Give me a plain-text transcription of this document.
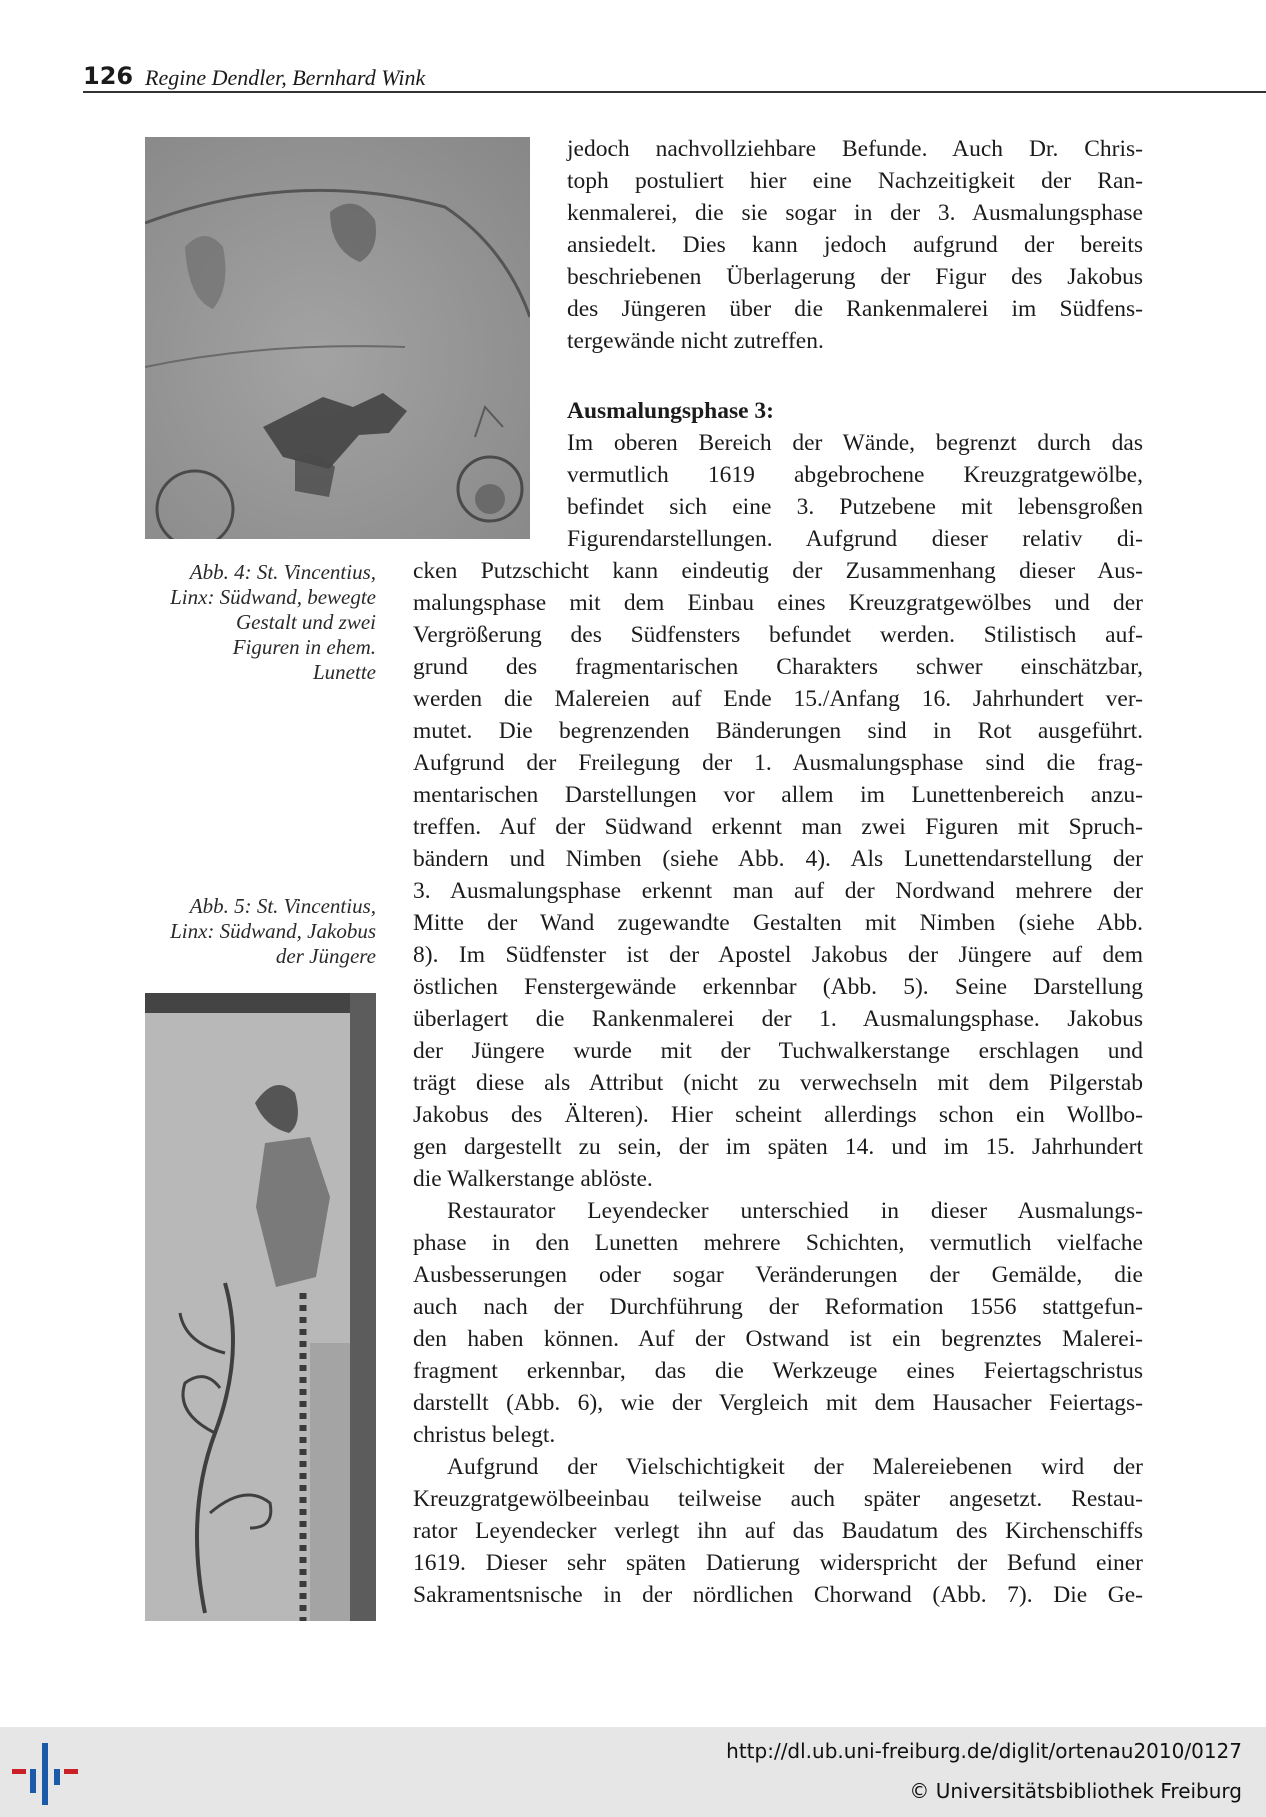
126 Regine Dendler, Bernhard Wink
Abb. 4: St. Vincentius,
Linx: Südwand, bewegte
Gestalt und zwei
Figuren in ehem.
Lunette
Abb. 5: St. Vincentius,
Linx: Südwand, Jakobus
der Jüngere
jedoch nachvollziehbare Befunde. Auch Dr. Chris-
toph postuliert hier eine Nachzeitigkeit der Ran-
kenmalerei, die sie sogar in der 3. Ausmalungsphase
ansiedelt. Dies kann jedoch aufgrund der bereits
beschriebenen Überlagerung der Figur des Jakobus
des Jüngeren über die Rankenmalerei im Südfens-
tergewände nicht zutreffen.
Ausmalungsphase 3:
Im oberen Bereich der Wände, begrenzt durch das
vermutlich 1619 abgebrochene Kreuzgratgewölbe,
befindet sich eine 3. Putzebene mit lebensgroßen
Figurendarstellungen. Aufgrund dieser relativ di-
cken Putzschicht kann eindeutig der Zusammenhang dieser Aus-
malungsphase mit dem Einbau eines Kreuzgratgewölbes und der
Vergrößerung des Südfensters befundet werden. Stilistisch auf-
grund des fragmentarischen Charakters schwer einschätzbar,
werden die Malereien auf Ende 15./Anfang 16. Jahrhundert ver-
mutet. Die begrenzenden Bänderungen sind in Rot ausgeführt.
Aufgrund der Freilegung der 1. Ausmalungsphase sind die frag-
mentarischen Darstellungen vor allem im Lunettenbereich anzu-
treffen. Auf der Südwand erkennt man zwei Figuren mit Spruch-
bändern und Nimben (siehe Abb. 4). Als Lunettendarstellung der
3. Ausmalungsphase erkennt man auf der Nordwand mehrere der
Mitte der Wand zugewandte Gestalten mit Nimben (siehe Abb.
8). Im Südfenster ist der Apostel Jakobus der Jüngere auf dem
östlichen Fenstergewände erkennbar (Abb. 5). Seine Darstellung
überlagert die Rankenmalerei der 1. Ausmalungsphase. Jakobus
der Jüngere wurde mit der Tuchwalkerstange erschlagen und
trägt diese als Attribut (nicht zu verwechseln mit dem Pilgerstab
Jakobus des Älteren). Hier scheint allerdings schon ein Wollbo-
gen dargestellt zu sein, der im späten 14. und im 15. Jahrhundert
die Walkerstange ablöste.
Restaurator Leyendecker unterschied in dieser Ausmalungs-
phase in den Lunetten mehrere Schichten, vermutlich vielfache
Ausbesserungen oder sogar Veränderungen der Gemälde, die
auch nach der Durchführung der Reformation 1556 stattgefun-
den haben können. Auf der Ostwand ist ein begrenztes Malerei-
fragment erkennbar, das die Werkzeuge eines Feiertagschristus
darstellt (Abb. 6), wie der Vergleich mit dem Hausacher Feiertags-
christus belegt.
Aufgrund der Vielschichtigkeit der Malereiebenen wird der
Kreuzgratgewölbeeinbau teilweise auch später angesetzt. Restau-
rator Leyendecker verlegt ihn auf das Baudatum des Kirchenschiffs
1619. Dieser sehr späten Datierung widerspricht der Befund einer
Sakramentsnische in der nördlichen Chorwand (Abb. 7). Die Ge-
http://dl.ub.uni-freiburg.de/diglit/ortenau2010/0127
© Universitätsbibliothek Freiburg
